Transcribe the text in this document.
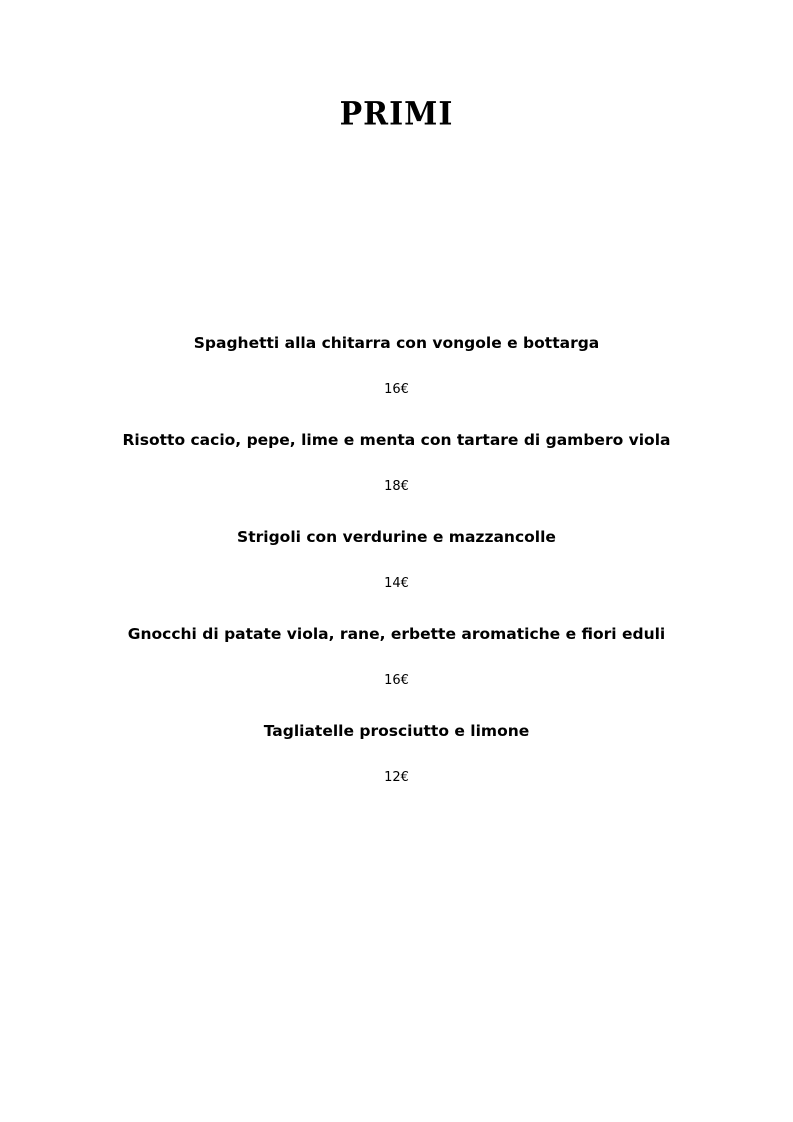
PRIMI
Spaghetti alla chitarra con vongole e bottarga
16€
Risotto cacio, pepe, lime e menta con tartare di gambero viola
18€
Strigoli con verdurine e mazzancolle
14€
Gnocchi di patate viola, rane, erbette aromatiche e fiori eduli
16€
Tagliatelle prosciutto e limone
12€
